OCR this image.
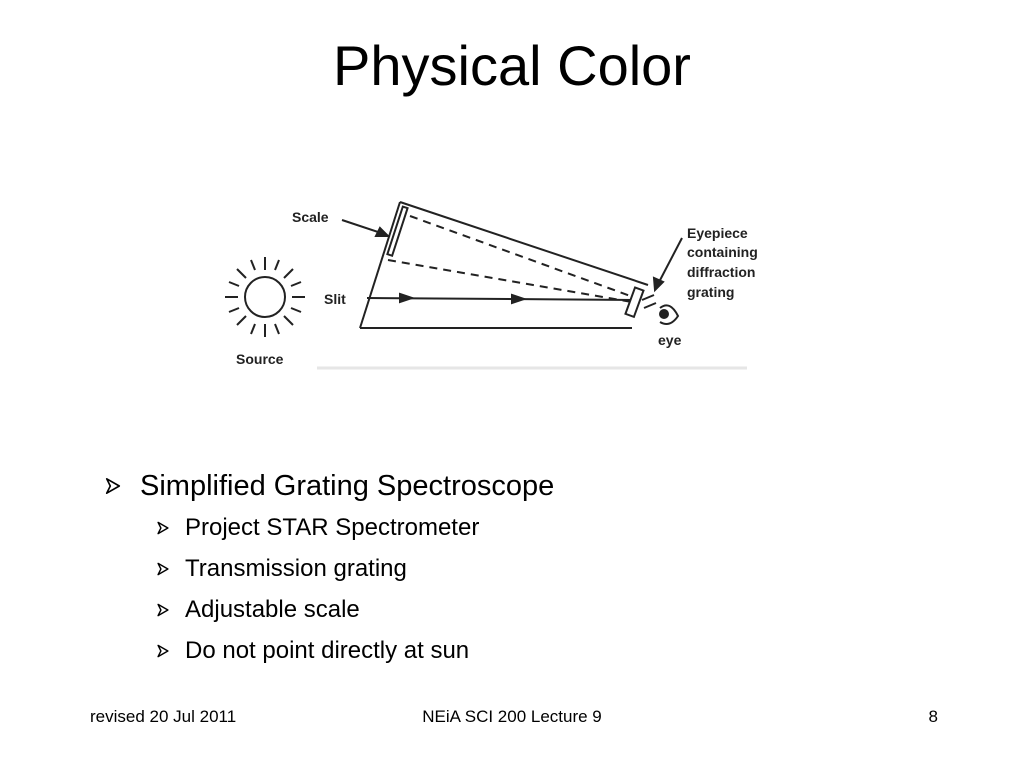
Physical Color
Source
eye
Scale
Slit
Eyepiece
containing
diffraction
grating
Simplified Grating Spectroscope
Project STAR Spectrometer
Transmission grating
Adjustable scale
Do not point directly at sun
revised 20 Jul 2011	NEiA SCI 200 Lecture 9	8
